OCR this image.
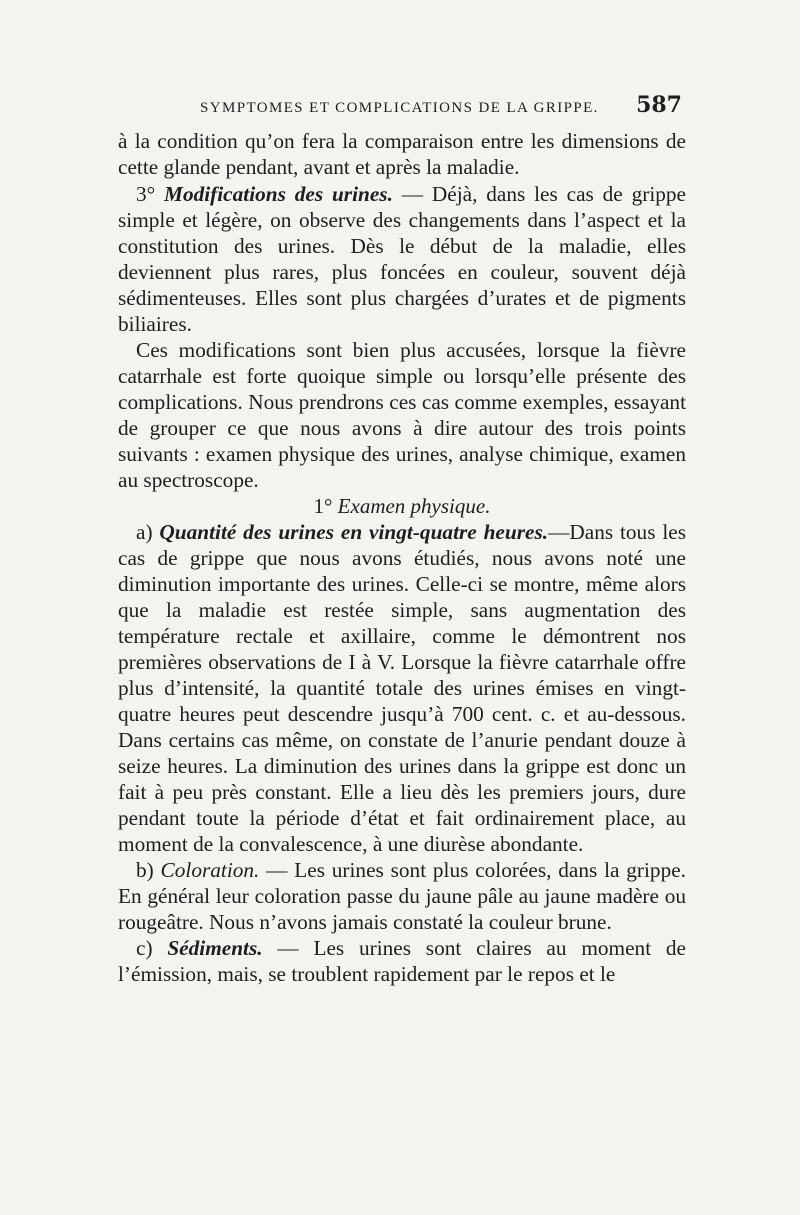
SYMPTOMES ET COMPLICATIONS DE LA GRIPPE. 587

à la condition qu’on fera la comparaison entre les dimensions de cette glande pendant, avant et après la maladie.

3° Modifications des urines. — Déjà, dans les cas de grippe simple et légère, on observe des changements dans l’aspect et la constitution des urines. Dès le début de la maladie, elles deviennent plus rares, plus foncées en couleur, souvent déjà sédimenteuses. Elles sont plus chargées d’urates et de pigments biliaires.

Ces modifications sont bien plus accusées, lorsque la fièvre catarrhale est forte quoique simple ou lorsqu’elle présente des complications. Nous prendrons ces cas comme exemples, essayant de grouper ce que nous avons à dire autour des trois points suivants : examen physique des urines, analyse chimique, examen au spectroscope.

1° Examen physique.

a) Quantité des urines en vingt-quatre heures.—Dans tous les cas de grippe que nous avons étudiés, nous avons noté une diminution importante des urines. Celle-ci se montre, même alors que la maladie est restée simple, sans augmentation des température rectale et axillaire, comme le démontrent nos premières observations de I à V. Lorsque la fièvre catarrhale offre plus d’intensité, la quantité totale des urines émises en vingt-quatre heures peut descendre jusqu’à 700 cent. c. et au-dessous. Dans certains cas même, on constate de l’anurie pendant douze à seize heures. La diminution des urines dans la grippe est donc un fait à peu près constant. Elle a lieu dès les premiers jours, dure pendant toute la période d’état et fait ordinairement place, au moment de la convalescence, à une diurèse abondante.

b) Coloration. — Les urines sont plus colorées, dans la grippe. En général leur coloration passe du jaune pâle au jaune madère ou rougeâtre. Nous n’avons jamais constaté la couleur brune.

c) Sédiments. — Les urines sont claires au moment de l’émission, mais, se troublent rapidement par le repos et le
